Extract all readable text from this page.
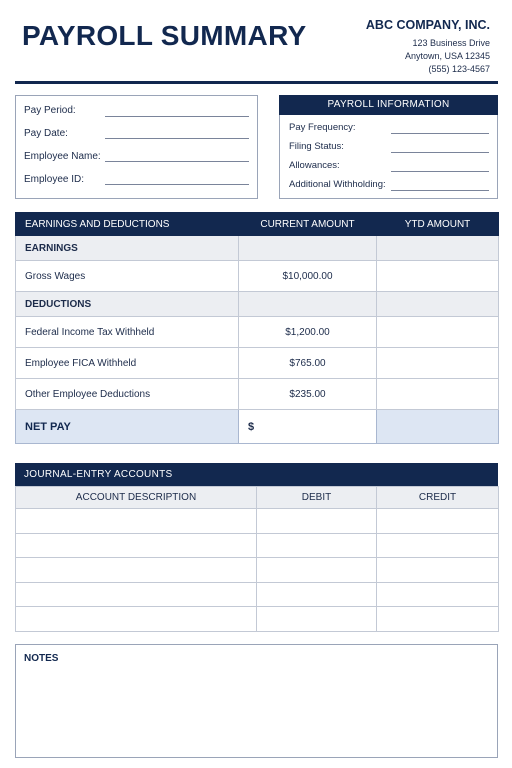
PAYROLL SUMMARY	ABC COMPANY, INC.
123 Business Drive
Anytown, USA 12345
(555) 123-4567
Pay Period:
Pay Date:
Employee Name:
Employee ID:
PAYROLL INFORMATION
Pay Frequency:
Filing Status:
Allowances:
Additional Withholding:
EARNINGS AND DEDUCTIONS	CURRENT AMOUNT	YTD AMOUNT
EARNINGS		
Gross Wages	$10,000.00	
DEDUCTIONS		
Federal Income Tax Withheld	$1,200.00	
Employee FICA Withheld	$765.00	
Other Employee Deductions	$235.00	
NET PAY	$	
JOURNAL-ENTRY ACCOUNTS
ACCOUNT DESCRIPTION	DEBIT	CREDIT

NOTES
